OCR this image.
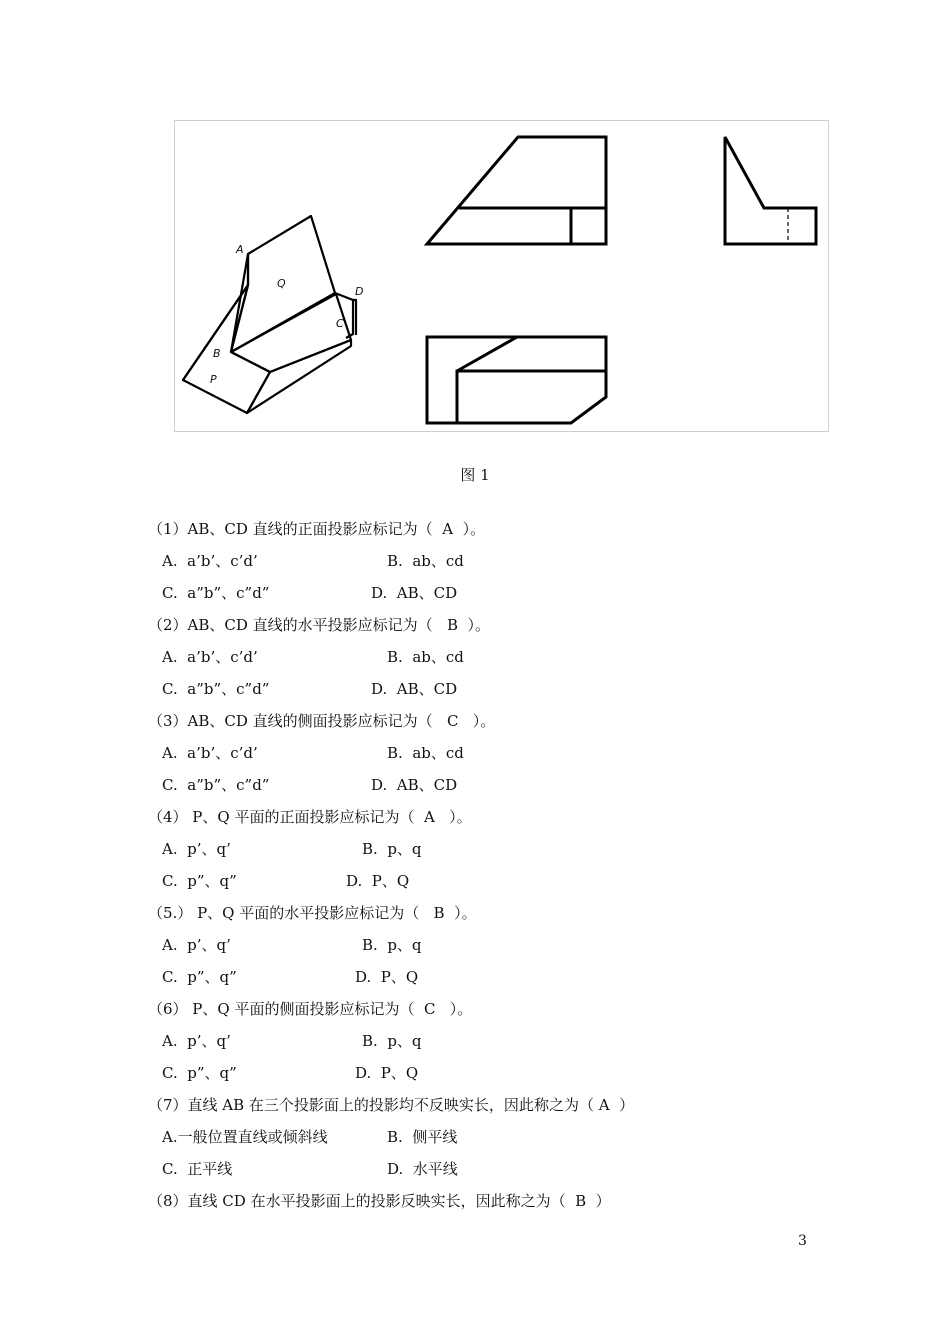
A
D
C
B
P
Q
图 1
（1）AB、CD 直线的正面投影应标记为（  A  ）。
A.  a’b’、c’d’	B.  ab、cd
C.  a”b”、c”d”	D.  AB、CD
（2）AB、CD 直线的水平投影应标记为（   B  ）。
A.  a’b’、c’d’	B.  ab、cd
C.  a”b”、c”d”	D.  AB、CD
（3）AB、CD 直线的侧面投影应标记为（   C   ）。
A.  a’b’、c’d’	B.  ab、cd
C.  a”b”、c”d”	D.  AB、CD
（4） P、Q 平面的正面投影应标记为（  A   ）。
A.  p’、q’	B.  p、q
C.  p”、q”	D.  P、Q
（5.） P、Q 平面的水平投影应标记为（   B  ）。
A.  p’、q’	B.  p、q
C.  p”、q”	D.  P、Q
（6） P、Q 平面的侧面投影应标记为（  C   ）。
A.  p’、q’	B.  p、q
C.  p”、q”	D.  P、Q
（7）直线 AB 在三个投影面上的投影均不反映实长，因此称之为（ A  ）
A.一般位置直线或倾斜线	B.  侧平线
C.  正平线	D.  水平线
（8）直线 CD 在水平投影面上的投影反映实长，因此称之为（  B  ）
3
